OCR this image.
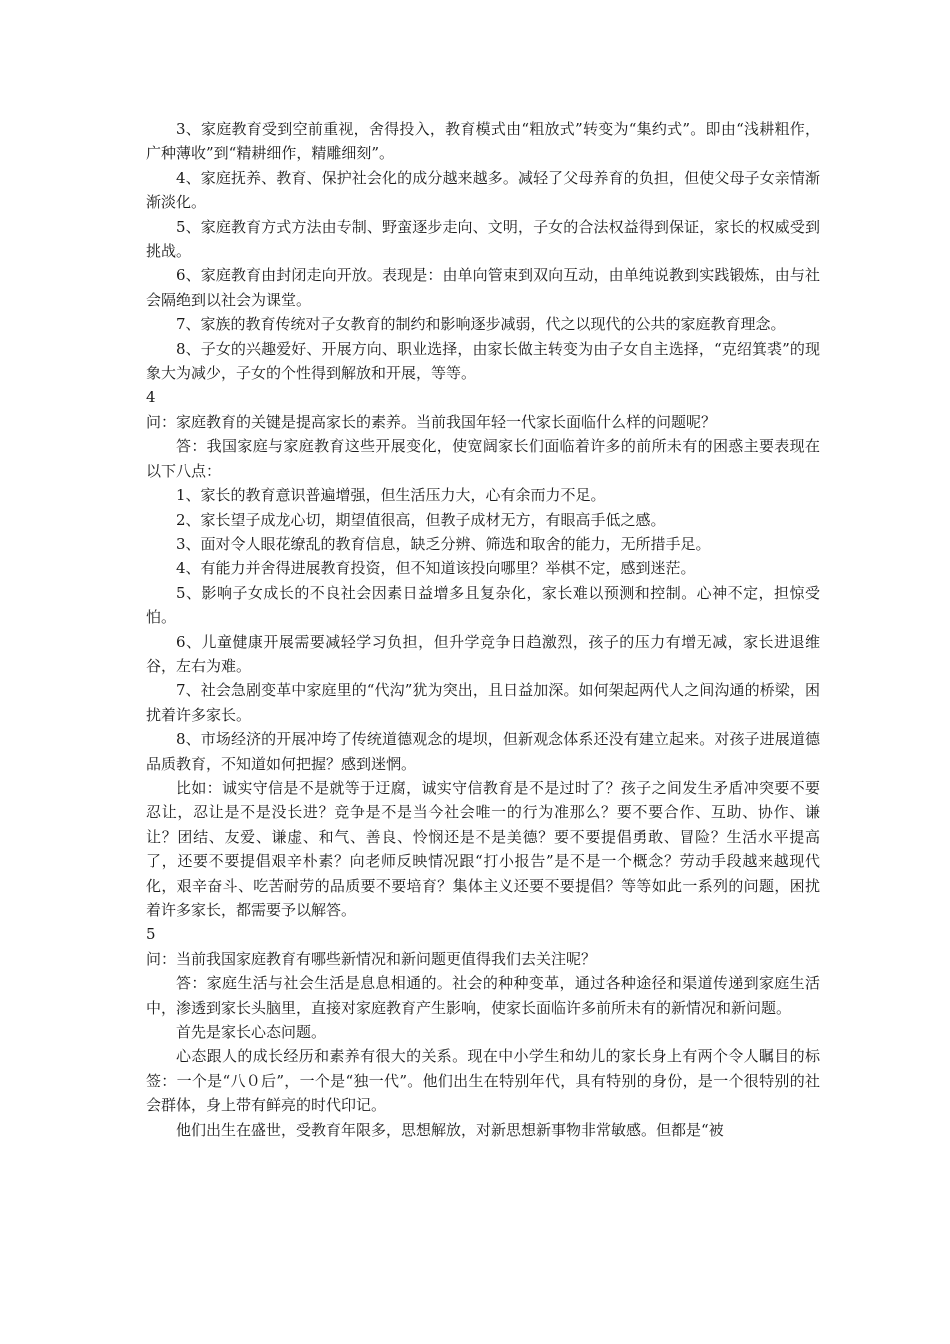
3、家庭教育受到空前重视，舍得投入，教育模式由“粗放式”转变为“集约式”。即由“浅耕粗作，广种薄收”到“精耕细作，精雕细刻”。

4、家庭抚养、教育、保护社会化的成分越来越多。减轻了父母养育的负担，但使父母子女亲情渐渐淡化。

5、家庭教育方式方法由专制、野蛮逐步走向、文明，子女的合法权益得到保证，家长的权威受到挑战。

6、家庭教育由封闭走向开放。表现是：由单向管束到双向互动，由单纯说教到实践锻炼，由与社会隔绝到以社会为课堂。

7、家族的教育传统对子女教育的制约和影响逐步减弱，代之以现代的公共的家庭教育理念。

8、子女的兴趣爱好、开展方向、职业选择，由家长做主转变为由子女自主选择，“克绍箕裘”的现象大为减少，子女的个性得到解放和开展，等等。

4

问：家庭教育的关键是提高家长的素养。当前我国年轻一代家长面临什么样的问题呢？

答：我国家庭与家庭教育这些开展变化，使宽阔家长们面临着许多的前所未有的困惑主要表现在以下八点：

1、家长的教育意识普遍增强，但生活压力大，心有余而力不足。

2、家长望子成龙心切，期望值很高，但教子成材无方，有眼高手低之感。

3、面对令人眼花缭乱的教育信息，缺乏分辨、筛选和取舍的能力，无所措手足。

4、有能力并舍得进展教育投资，但不知道该投向哪里？举棋不定，感到迷茫。

5、影响子女成长的不良社会因素日益增多且复杂化，家长难以预测和控制。心神不定，担惊受怕。

6、儿童健康开展需要减轻学习负担，但升学竞争日趋激烈，孩子的压力有增无减，家长进退维谷，左右为难。

7、社会急剧变革中家庭里的“代沟”犹为突出，且日益加深。如何架起两代人之间沟通的桥梁，困扰着许多家长。

8、市场经济的开展冲垮了传统道德观念的堤坝，但新观念体系还没有建立起来。对孩子进展道德品质教育，不知道如何把握？感到迷惘。

比如：诚实守信是不是就等于迂腐，诚实守信教育是不是过时了？孩子之间发生矛盾冲突要不要忍让，忍让是不是没长进？竞争是不是当今社会唯一的行为准那么？要不要合作、互助、协作、谦让？团结、友爱、谦虚、和气、善良、怜悯还是不是美德？要不要提倡勇敢、冒险？生活水平提高了，还要不要提倡艰辛朴素？向老师反映情况跟“打小报告”是不是一个概念？劳动手段越来越现代化，艰辛奋斗、吃苦耐劳的品质要不要培育？集体主义还要不要提倡？等等如此一系列的问题，困扰着许多家长，都需要予以解答。

5

问：当前我国家庭教育有哪些新情况和新问题更值得我们去关注呢？

答：家庭生活与社会生活是息息相通的。社会的种种变革，通过各种途径和渠道传递到家庭生活中，渗透到家长头脑里，直接对家庭教育产生影响，使家长面临许多前所未有的新情况和新问题。

首先是家长心态问题。

心态跟人的成长经历和素养有很大的关系。现在中小学生和幼儿的家长身上有两个令人瞩目的标签：一个是“八０后”，一个是“独一代”。他们出生在特别年代，具有特别的身份，是一个很特别的社会群体，身上带有鲜亮的时代印记。

他们出生在盛世，受教育年限多，思想解放，对新思想新事物非常敏感。但都是“被
